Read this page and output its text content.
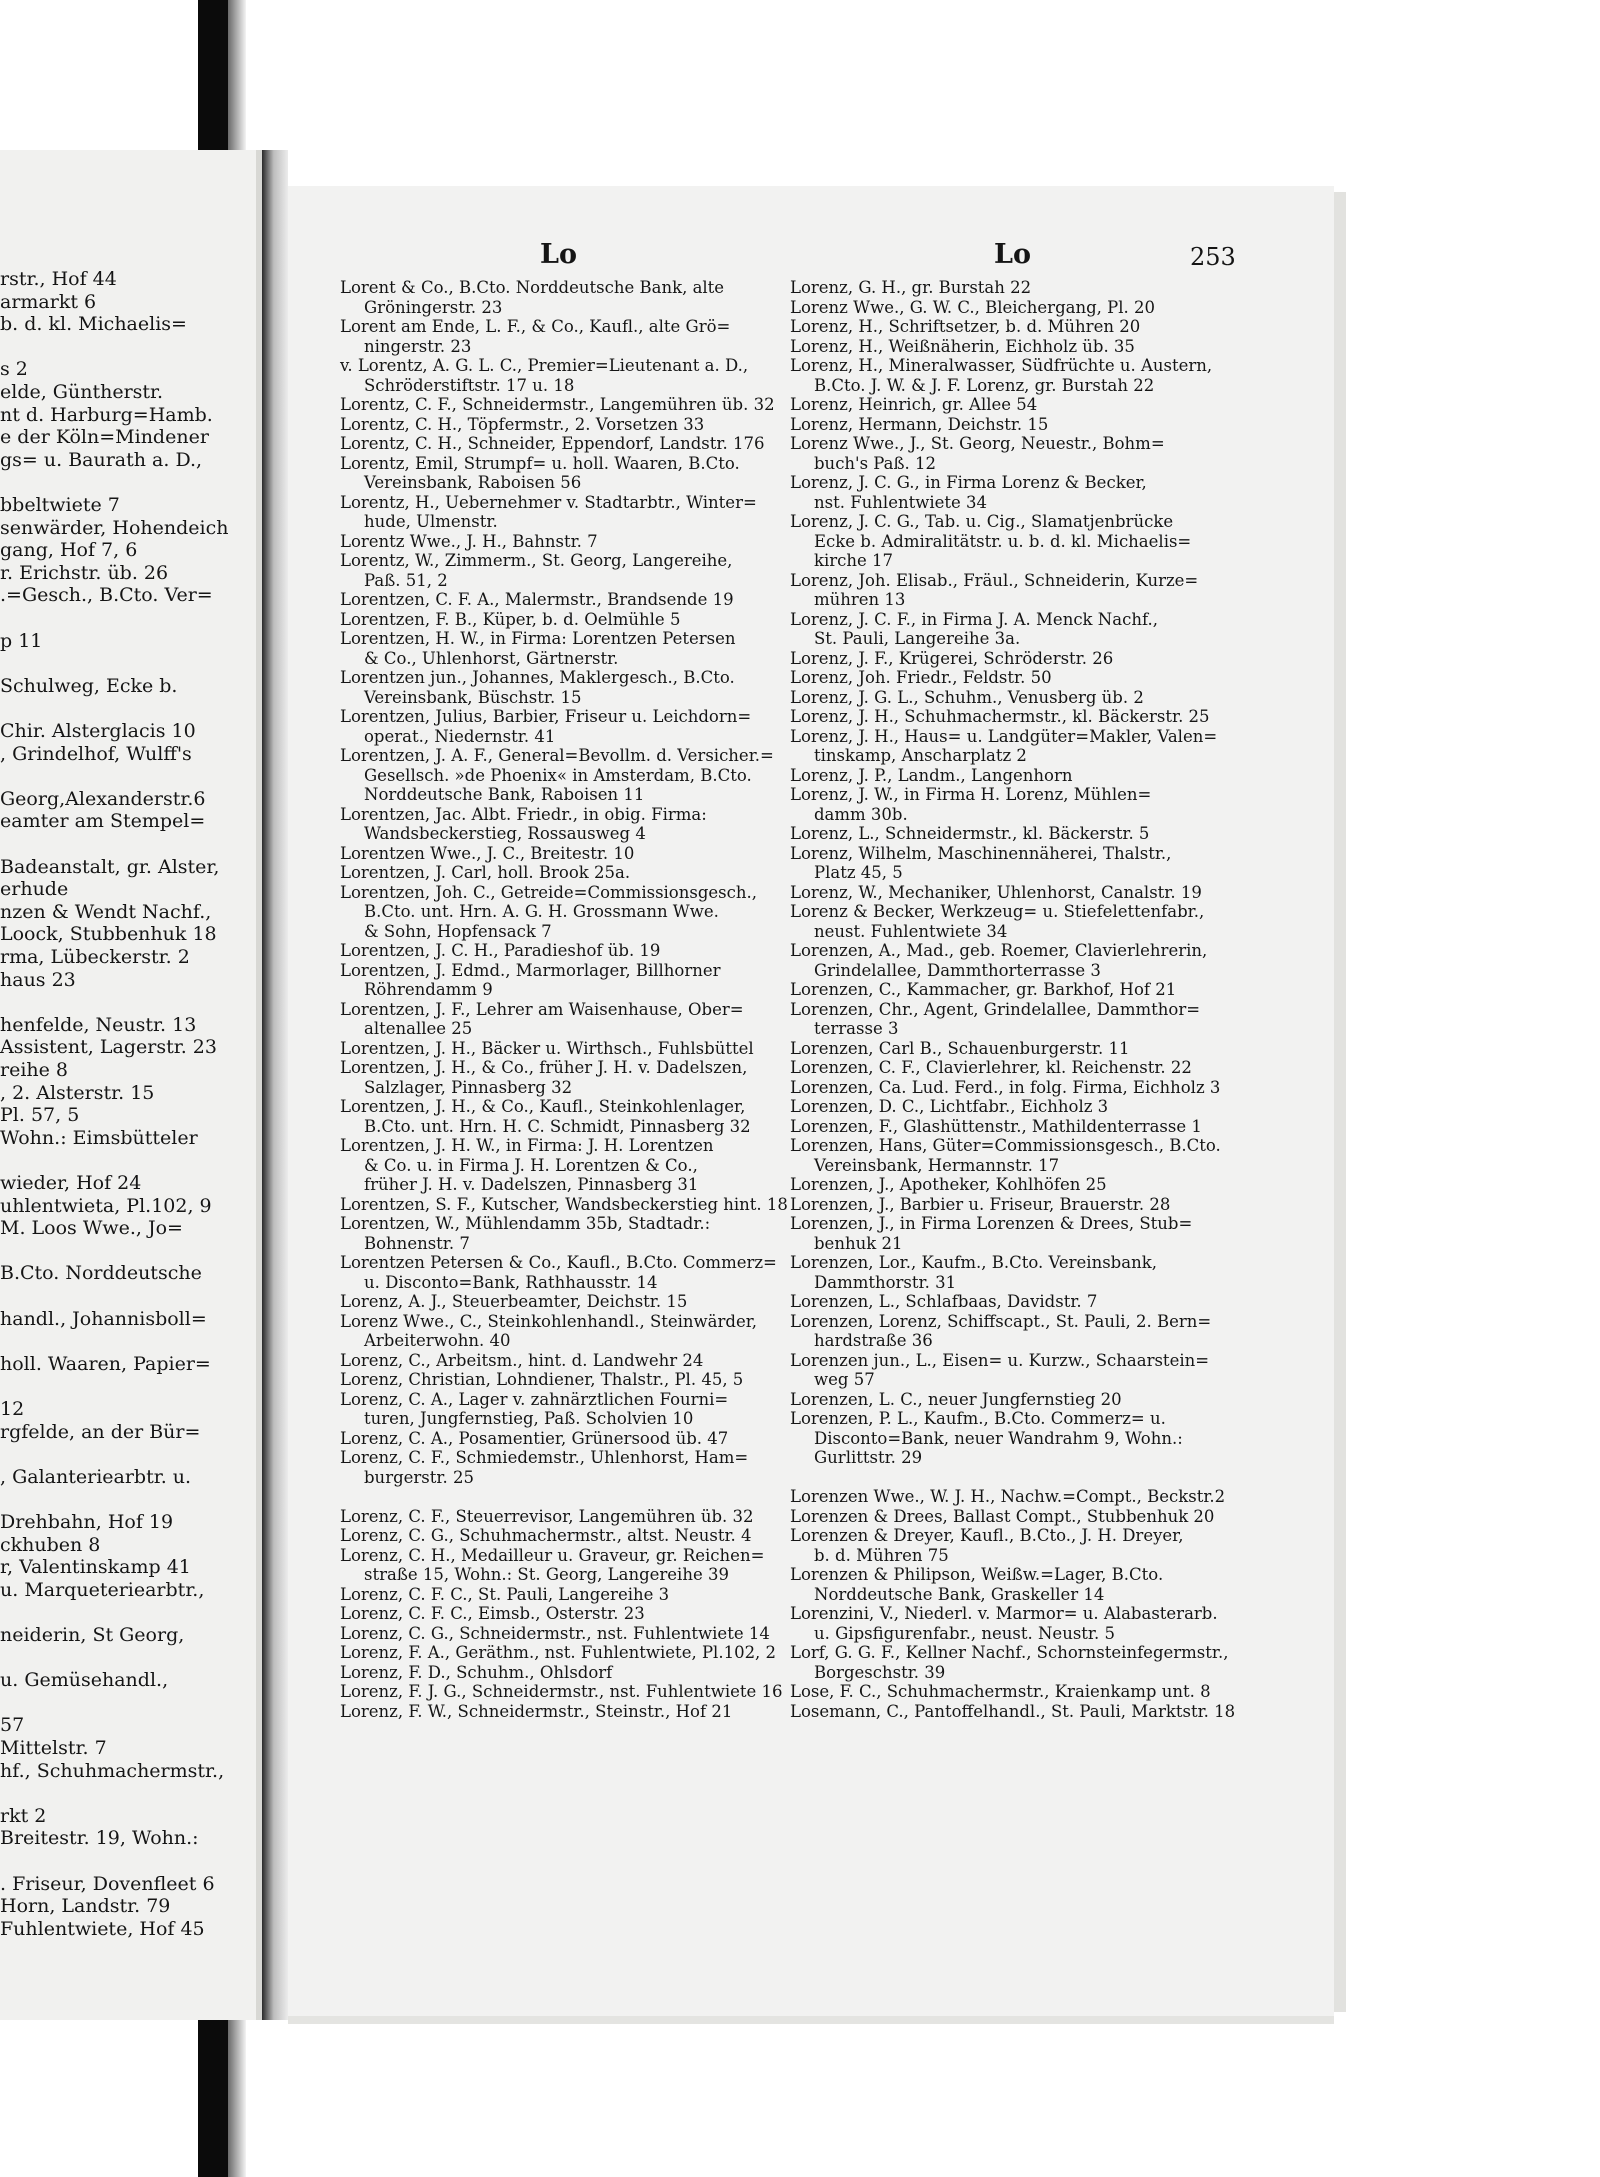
rstr., Hof 44
armarkt 6
b. d. kl. Michaelis=
s 2
elde, Güntherstr.
nt d. Harburg=Hamb.
e der Köln=Mindener
gs= u. Baurath a. D.,
bbeltwiete 7
senwärder, Hohendeich
gang, Hof 7, 6
r. Erichstr. üb. 26
.=Gesch., B.Cto. Ver=
p 11
Schulweg, Ecke b.
Chir. Alsterglacis 10
, Grindelhof, Wulff's
Georg,Alexanderstr.6
eamter am Stempel=
Badeanstalt, gr. Alster,
erhude
nzen & Wendt Nachf.,
Loock, Stubbenhuk 18
rma, Lübeckerstr. 2
haus 23
henfelde, Neustr. 13
Assistent, Lagerstr. 23
reihe 8
, 2. Alsterstr. 15
Pl. 57, 5
Wohn.: Eimsbütteler
wieder, Hof 24
uhlentwieta, Pl.102, 9
M. Loos Wwe., Jo=
B.Cto. Norddeutsche
handl., Johannisboll=
holl. Waaren, Papier=
12
rgfelde, an der Bür=
, Galanteriearbtr. u.
Drehbahn, Hof 19
ckhuben 8
r, Valentinskamp 41
u. Marqueteriearbtr.,
neiderin, St Georg,
u. Gemüsehandl.,
57
Mittelstr. 7
hf., Schuhmachermstr.,
rkt 2
Breitestr. 19, Wohn.:
. Friseur, Dovenfleet 6
Horn, Landstr. 79
Fuhlentwiete, Hof 45
Lo	Lo	253
Lorent & Co., B.Cto. Norddeutsche Bank, alte
Gröningerstr. 23
Lorent am Ende, L. F., & Co., Kaufl., alte Grö=
ningerstr. 23
v. Lorentz, A. G. L. C., Premier=Lieutenant a. D.,
Schröderstiftstr. 17 u. 18
Lorentz, C. F., Schneidermstr., Langemühren üb. 32
Lorentz, C. H., Töpfermstr., 2. Vorsetzen 33
Lorentz, C. H., Schneider, Eppendorf, Landstr. 176
Lorentz, Emil, Strumpf= u. holl. Waaren, B.Cto.
Vereinsbank, Raboisen 56
Lorentz, H., Uebernehmer v. Stadtarbtr., Winter=
hude, Ulmenstr.
Lorentz Wwe., J. H., Bahnstr. 7
Lorentz, W., Zimmerm., St. Georg, Langereihe,
Paß. 51, 2
Lorentzen, C. F. A., Malermstr., Brandsende 19
Lorentzen, F. B., Küper, b. d. Oelmühle 5
Lorentzen, H. W., in Firma: Lorentzen Petersen
& Co., Uhlenhorst, Gärtnerstr.
Lorentzen jun., Johannes, Maklergesch., B.Cto.
Vereinsbank, Büschstr. 15
Lorentzen, Julius, Barbier, Friseur u. Leichdorn=
operat., Niedernstr. 41
Lorentzen, J. A. F., General=Bevollm. d. Versicher.=
Gesellsch. »de Phoenix« in Amsterdam, B.Cto.
Norddeutsche Bank, Raboisen 11
Lorentzen, Jac. Albt. Friedr., in obig. Firma:
Wandsbeckerstieg, Rossausweg 4
Lorentzen Wwe., J. C., Breitestr. 10
Lorentzen, J. Carl, holl. Brook 25a.
Lorentzen, Joh. C., Getreide=Commissionsgesch.,
B.Cto. unt. Hrn. A. G. H. Grossmann Wwe.
& Sohn, Hopfensack 7
Lorentzen, J. C. H., Paradieshof üb. 19
Lorentzen, J. Edmd., Marmorlager, Billhorner
Röhrendamm 9
Lorentzen, J. F., Lehrer am Waisenhause, Ober=
altenallee 25
Lorentzen, J. H., Bäcker u. Wirthsch., Fuhlsbüttel
Lorentzen, J. H., & Co., früher J. H. v. Dadelszen,
Salzlager, Pinnasberg 32
Lorentzen, J. H., & Co., Kaufl., Steinkohlenlager,
B.Cto. unt. Hrn. H. C. Schmidt, Pinnasberg 32
Lorentzen, J. H. W., in Firma: J. H. Lorentzen
& Co. u. in Firma J. H. Lorentzen & Co.,
früher J. H. v. Dadelszen, Pinnasberg 31
Lorentzen, S. F., Kutscher, Wandsbeckerstieg hint. 18
Lorentzen, W., Mühlendamm 35b, Stadtadr.:
Bohnenstr. 7
Lorentzen Petersen & Co., Kaufl., B.Cto. Commerz=
u. Disconto=Bank, Rathhausstr. 14
Lorenz, A. J., Steuerbeamter, Deichstr. 15
Lorenz Wwe., C., Steinkohlenhandl., Steinwärder,
Arbeiterwohn. 40
Lorenz, C., Arbeitsm., hint. d. Landwehr 24
Lorenz, Christian, Lohndiener, Thalstr., Pl. 45, 5
Lorenz, C. A., Lager v. zahnärztlichen Fourni=
turen, Jungfernstieg, Paß. Scholvien 10
Lorenz, C. A., Posamentier, Grünersood üb. 47
Lorenz, C. F., Schmiedemstr., Uhlenhorst, Ham=
burgerstr. 25
Lorenz, C. F., Steuerrevisor, Langemühren üb. 32
Lorenz, C. G., Schuhmachermstr., altst. Neustr. 4
Lorenz, C. H., Medailleur u. Graveur, gr. Reichen=
straße 15, Wohn.: St. Georg, Langereihe 39
Lorenz, C. F. C., St. Pauli, Langereihe 3
Lorenz, C. F. C., Eimsb., Osterstr. 23
Lorenz, C. G., Schneidermstr., nst. Fuhlentwiete 14
Lorenz, F. A., Geräthm., nst. Fuhlentwiete, Pl.102, 2
Lorenz, F. D., Schuhm., Ohlsdorf
Lorenz, F. J. G., Schneidermstr., nst. Fuhlentwiete 16
Lorenz, F. W., Schneidermstr., Steinstr., Hof 21
Lorenz, G. H., gr. Burstah 22
Lorenz Wwe., G. W. C., Bleichergang, Pl. 20
Lorenz, H., Schriftsetzer, b. d. Mühren 20
Lorenz, H., Weißnäherin, Eichholz üb. 35
Lorenz, H., Mineralwasser, Südfrüchte u. Austern,
B.Cto. J. W. & J. F. Lorenz, gr. Burstah 22
Lorenz, Heinrich, gr. Allee 54
Lorenz, Hermann, Deichstr. 15
Lorenz Wwe., J., St. Georg, Neuestr., Bohm=
buch's Paß. 12
Lorenz, J. C. G., in Firma Lorenz & Becker,
nst. Fuhlentwiete 34
Lorenz, J. C. G., Tab. u. Cig., Slamatjenbrücke
Ecke b. Admiralitätstr. u. b. d. kl. Michaelis=
kirche 17
Lorenz, Joh. Elisab., Fräul., Schneiderin, Kurze=
mühren 13
Lorenz, J. C. F., in Firma J. A. Menck Nachf.,
St. Pauli, Langereihe 3a.
Lorenz, J. F., Krügerei, Schröderstr. 26
Lorenz, Joh. Friedr., Feldstr. 50
Lorenz, J. G. L., Schuhm., Venusberg üb. 2
Lorenz, J. H., Schuhmachermstr., kl. Bäckerstr. 25
Lorenz, J. H., Haus= u. Landgüter=Makler, Valen=
tinskamp, Anscharplatz 2
Lorenz, J. P., Landm., Langenhorn
Lorenz, J. W., in Firma H. Lorenz, Mühlen=
damm 30b.
Lorenz, L., Schneidermstr., kl. Bäckerstr. 5
Lorenz, Wilhelm, Maschinennäherei, Thalstr.,
Platz 45, 5
Lorenz, W., Mechaniker, Uhlenhorst, Canalstr. 19
Lorenz & Becker, Werkzeug= u. Stiefelettenfabr.,
neust. Fuhlentwiete 34
Lorenzen, A., Mad., geb. Roemer, Clavierlehrerin,
Grindelallee, Dammthorterrasse 3
Lorenzen, C., Kammacher, gr. Barkhof, Hof 21
Lorenzen, Chr., Agent, Grindelallee, Dammthor=
terrasse 3
Lorenzen, Carl B., Schauenburgerstr. 11
Lorenzen, C. F., Clavierlehrer, kl. Reichenstr. 22
Lorenzen, Ca. Lud. Ferd., in folg. Firma, Eichholz 3
Lorenzen, D. C., Lichtfabr., Eichholz 3
Lorenzen, F., Glashüttenstr., Mathildenterrasse 1
Lorenzen, Hans, Güter=Commissionsgesch., B.Cto.
Vereinsbank, Hermannstr. 17
Lorenzen, J., Apotheker, Kohlhöfen 25
Lorenzen, J., Barbier u. Friseur, Brauerstr. 28
Lorenzen, J., in Firma Lorenzen & Drees, Stub=
benhuk 21
Lorenzen, Lor., Kaufm., B.Cto. Vereinsbank,
Dammthorstr. 31
Lorenzen, L., Schlafbaas, Davidstr. 7
Lorenzen, Lorenz, Schiffscapt., St. Pauli, 2. Bern=
hardstraße 36
Lorenzen jun., L., Eisen= u. Kurzw., Schaarstein=
weg 57
Lorenzen, L. C., neuer Jungfernstieg 20
Lorenzen, P. L., Kaufm., B.Cto. Commerz= u.
Disconto=Bank, neuer Wandrahm 9, Wohn.:
Gurlittstr. 29
Lorenzen Wwe., W. J. H., Nachw.=Compt., Beckstr.2
Lorenzen & Drees, Ballast Compt., Stubbenhuk 20
Lorenzen & Dreyer, Kaufl., B.Cto., J. H. Dreyer,
b. d. Mühren 75
Lorenzen & Philipson, Weißw.=Lager, B.Cto.
Norddeutsche Bank, Graskeller 14
Lorenzini, V., Niederl. v. Marmor= u. Alabasterarb.
u. Gipsfigurenfabr., neust. Neustr. 5
Lorf, G. G. F., Kellner Nachf., Schornsteinfegermstr.,
Borgeschstr. 39
Lose, F. C., Schuhmachermstr., Kraienkamp unt. 8
Losemann, C., Pantoffelhandl., St. Pauli, Marktstr. 18
